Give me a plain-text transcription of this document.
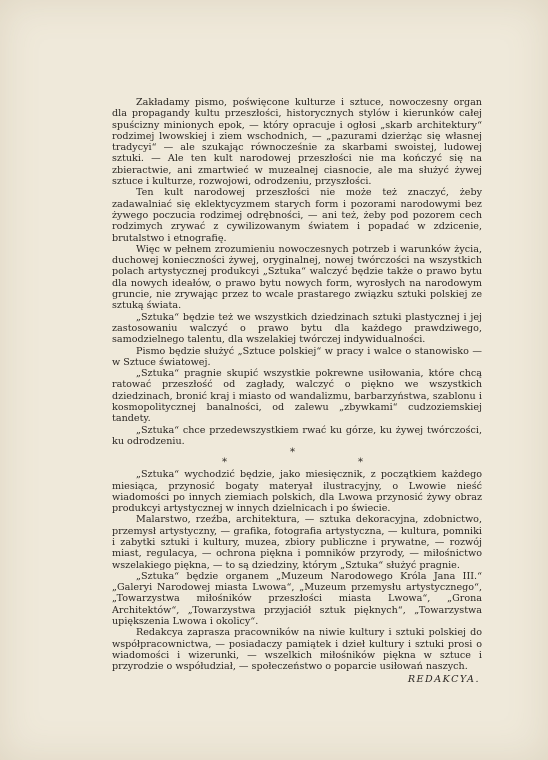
Zakładamy pismo, poświęcone kulturze i sztuce, nowoczesny organ dla propagandy kultu przeszłości, historycznych stylów i kierunków całej spuścizny minionych epok, — który opracuje i ogłosi „skarb architektury“ rodzimej lwowskiej i ziem wschodnich, — „pazurami dzierżąc się własnej tradycyi“ — ale szukając równocześnie za skarbami swoistej, ludowej sztuki. — Ale ten kult narodowej przeszłości nie ma kończyć się na zbieractwie, ani zmartwieć w muzealnej ciasnocie, ale ma służyć żywej sztuce i kulturze, rozwojowi, odrodzeniu, przyszłości.

Ten kult narodowej przeszłości nie może też znaczyć, żeby zadawalniać się eklektycyzmem starych form i pozorami narodowymi bez żywego poczucia rodzimej odrębności, — ani też, żeby pod pozorem cech rodzimych zrywać z cywilizowanym światem i popadać w zdzicenie, brutalstwo i etnografię.

Więc w pełnem zrozumieniu nowoczesnych potrzeb i warunków życia, duchowej konieczności żywej, oryginalnej, nowej twórczości na wszystkich polach artystycznej produkcyi „Sztuka“ walczyć będzie także o prawo bytu dla nowych ideałów, o prawo bytu nowych form, wyrosłych na narodowym gruncie, nie zrywając przez to wcale prastarego związku sztuki polskiej ze sztuką świata.

„Sztuka“ będzie też we wszystkich dziedzinach sztuki plastycznej i jej zastosowaniu walczyć o prawo bytu dla każdego prawdziwego, samodzielnego talentu, dla wszelakiej twórczej indywidualności.

Pismo będzie służyć „Sztuce polskiej“ w pracy i walce o stanowisko — w Sztuce światowej.

„Sztuka“ pragnie skupić wszystkie pokrewne usiłowania, które chcą ratować przeszłość od zagłady, walczyć o piękno we wszystkich dziedzinach, bronić kraj i miasto od wandalizmu, barbarzyństwa, szablonu i kosmopolitycznej banalności, od zalewu „zbywkami“ cudzoziemskiej tandety.

„Sztuka“ chce przedewszystkiem rwać ku górze, ku żywej twórczości, ku odrodzeniu.

*
*	*

„Sztuka“ wychodzić będzie, jako miesięcznik, z początkiem każdego miesiąca, przynosić bogaty materyał ilustracyjny, o Lwowie nieść wiadomości po innych ziemiach polskich, dla Lwowa przynosić żywy obraz produkcyi artystycznej w innych dzielnicach i po świecie.

Malarstwo, rzeźba, architektura, — sztuka dekoracyjna, zdobnictwo, przemysł artystyczny, — grafika, fotografia artystyczna, — kultura, pomniki i zabytki sztuki i kultury, muzea, zbiory publiczne i prywatne, — rozwój miast, regulacya, — ochrona piękna i pomników przyrody, — miłośnictwo wszelakiego piękna, — to są dziedziny, którym „Sztuka“ służyć pragnie.

„Sztuka“ będzie organem „Muzeum Narodowego Króla Jana III.“ „Galeryi Narodowej miasta Lwowa“, „Muzeum przemysłu artystycznego“, „Towarzystwa miłośników przeszłości miasta Lwowa“, „Grona Architektów“, „Towarzystwa przyjaciół sztuk pięknych“, „Towarzystwa upiększenia Lwowa i okolicy“.

Redakcya zaprasza pracowników na niwie kultury i sztuki polskiej do współpracownictwa, — posiadaczy pamiątek i dzieł kultury i sztuki prosi o wiadomości i wizerunki, — wszelkich miłośników piękna w sztuce i przyrodzie o współudział, — społeczeństwo o poparcie usiłowań naszych.

REDAKCYA.
